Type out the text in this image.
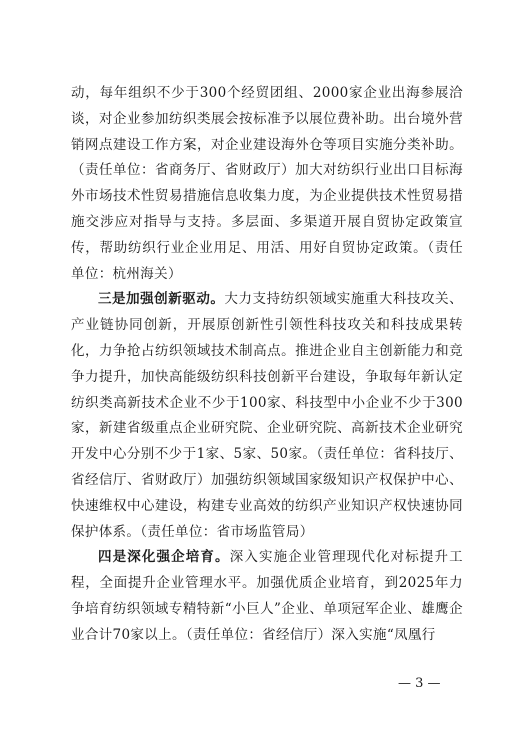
动，每年组织不少于300个经贸团组、2000家企业出海参展洽谈，对企业参加纺织类展会按标准予以展位费补助。出台境外营销网点建设工作方案，对企业建设海外仓等项目实施分类补助。（责任单位：省商务厅、省财政厅）加大对纺织行业出口目标海外市场技术性贸易措施信息收集力度，为企业提供技术性贸易措施交涉应对指导与支持。多层面、多渠道开展自贸协定政策宣传，帮助纺织行业企业用足、用活、用好自贸协定政策。（责任单位：杭州海关）

三是加强创新驱动。大力支持纺织领域实施重大科技攻关、产业链协同创新，开展原创新性引领性科技攻关和科技成果转化，力争抢占纺织领域技术制高点。推进企业自主创新能力和竞争力提升，加快高能级纺织科技创新平台建设，争取每年新认定纺织类高新技术企业不少于100家、科技型中小企业不少于300家，新建省级重点企业研究院、企业研究院、高新技术企业研究开发中心分别不少于1家、5家、50家。（责任单位：省科技厅、省经信厅、省财政厅）加强纺织领域国家级知识产权保护中心、快速维权中心建设，构建专业高效的纺织产业知识产权快速协同保护体系。（责任单位：省市场监管局）

四是深化强企培育。深入实施企业管理现代化对标提升工程，全面提升企业管理水平。加强优质企业培育，到2025年力争培育纺织领域专精特新“小巨人”企业、单项冠军企业、雄鹰企业合计70家以上。（责任单位：省经信厅）深入实施“凤凰行

— 3 —
